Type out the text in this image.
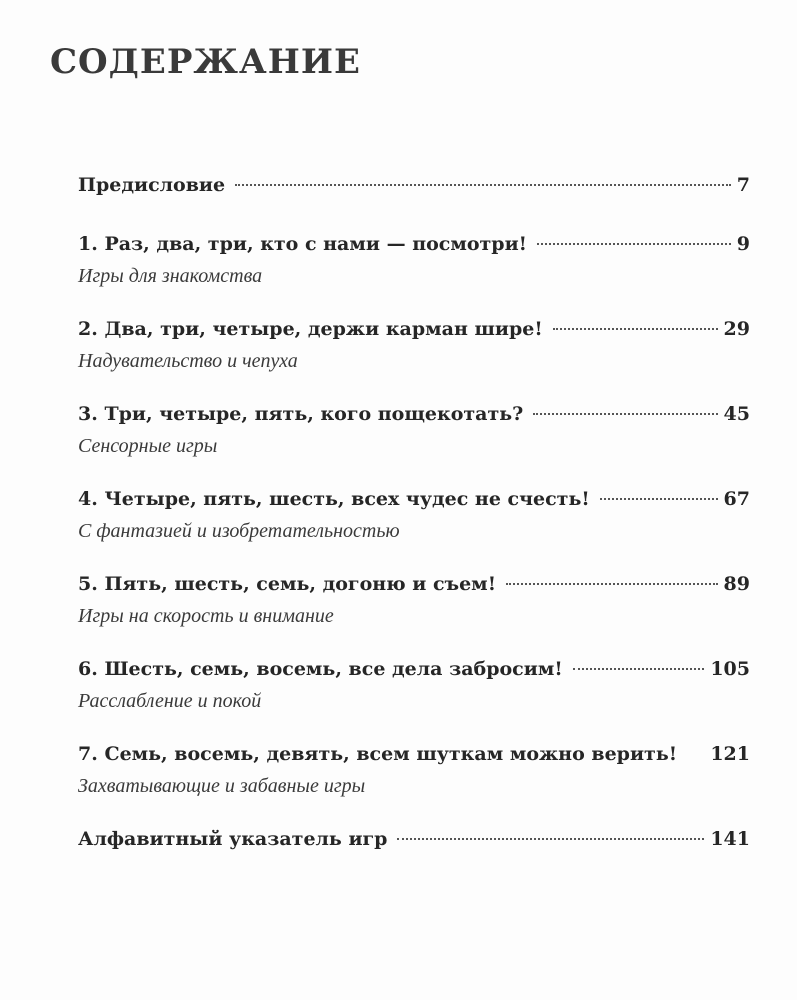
СОДЕРЖАНИЕ
Предисловие	7
1. Раз, два, три, кто с нами — посмотри!	9
Игры для знакомства
2. Два, три, четыре, держи карман шире!	29
Надувательство и чепуха
3. Три, четыре, пять, кого пощекотать?	45
Сенсорные игры
4. Четыре, пять, шесть, всех чудес не счесть!	67
С фантазией и изобретательностью
5. Пять, шесть, семь, догоню и съем!	89
Игры на скорость и внимание
6. Шесть, семь, восемь, все дела забросим!	105
Расслабление и покой
7. Семь, восемь, девять, всем шуткам можно верить! 121
Захватывающие и забавные игры
Алфавитный указатель игр	141
